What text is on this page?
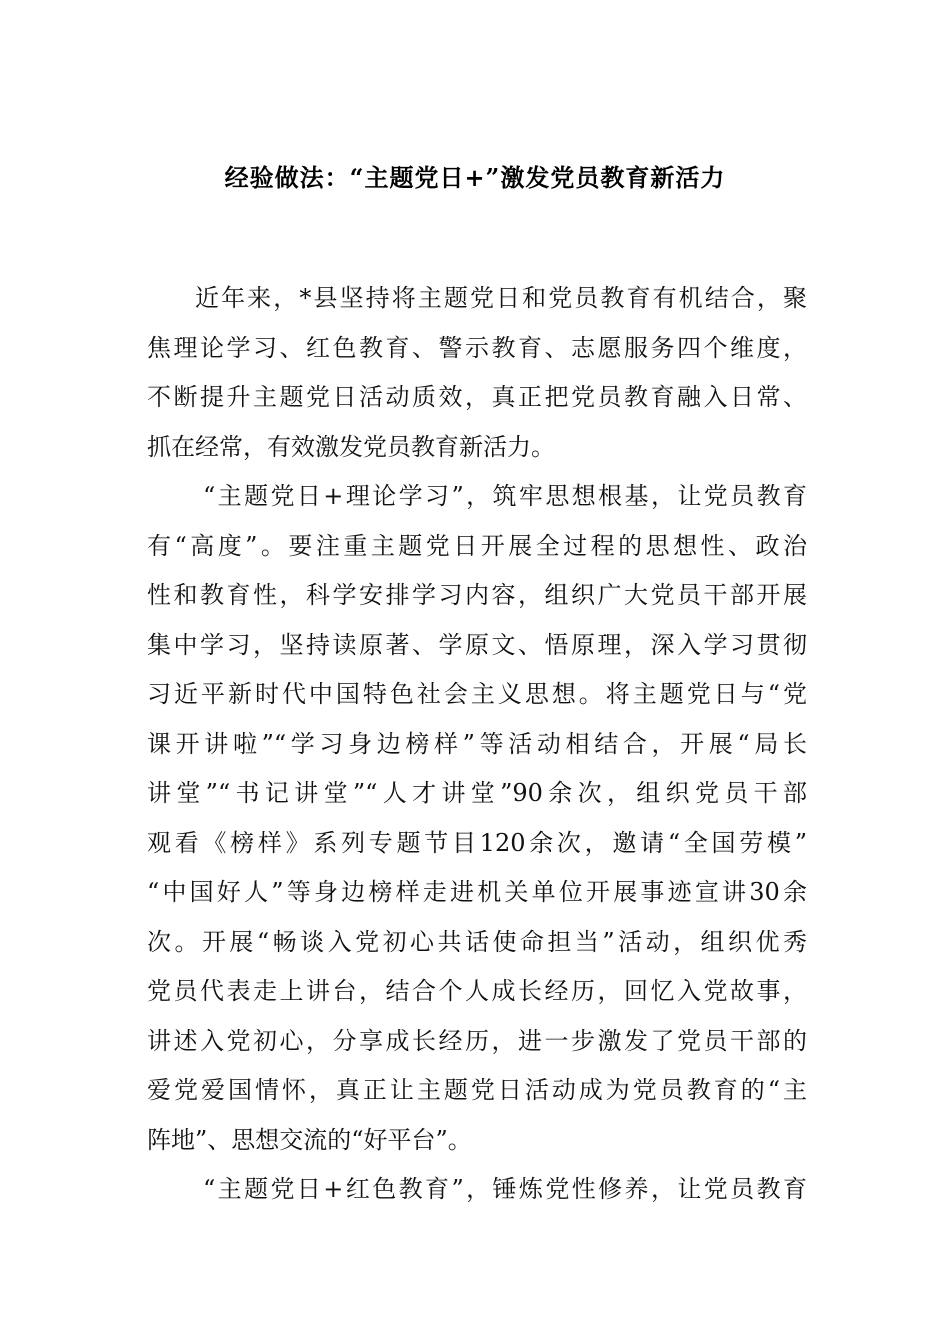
经验做法：“主题党日+”激发党员教育新活力
近年来，*县坚持将主题党日和党员教育有机结合，聚
焦理论学习、红色教育、警示教育、志愿服务四个维度，
不断提升主题党日活动质效，真正把党员教育融入日常、
抓在经常，有效激发党员教育新活力。
“主题党日+理论学习”，筑牢思想根基，让党员教育
有“高度”。要注重主题党日开展全过程的思想性、政治
性和教育性，科学安排学习内容，组织广大党员干部开展
集中学习，坚持读原著、学原文、悟原理，深入学习贯彻
习近平新时代中国特色社会主义思想。将主题党日与“党
课开讲啦”“学习身边榜样”等活动相结合，开展“局长
讲堂”“书记讲堂”“人才讲堂”90余次，组织党员干部
观看《榜样》系列专题节目120余次，邀请“全国劳模”
“中国好人”等身边榜样走进机关单位开展事迹宣讲30余
次。开展“畅谈入党初心共话使命担当”活动，组织优秀
党员代表走上讲台，结合个人成长经历，回忆入党故事，
讲述入党初心，分享成长经历，进一步激发了党员干部的
爱党爱国情怀，真正让主题党日活动成为党员教育的“主
阵地”、思想交流的“好平台”。
“主题党日+红色教育”，锤炼党性修养，让党员教育
